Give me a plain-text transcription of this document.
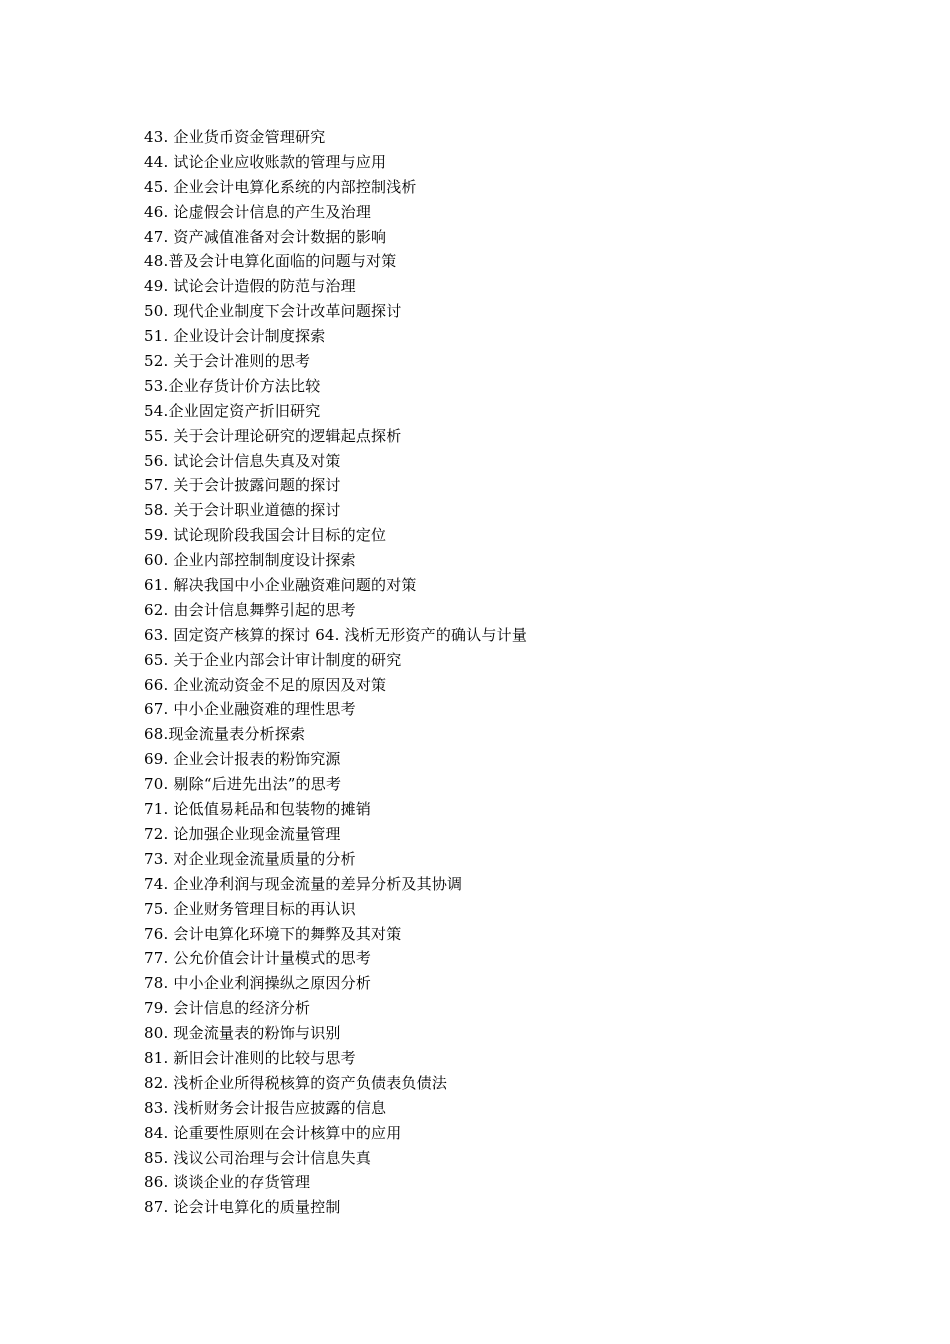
43. 企业货币资金管理研究
44. 试论企业应收账款的管理与应用
45. 企业会计电算化系统的内部控制浅析
46. 论虚假会计信息的产生及治理
47. 资产减值准备对会计数据的影响
48.普及会计电算化面临的问题与对策
49. 试论会计造假的防范与治理
50. 现代企业制度下会计改革问题探讨
51. 企业设计会计制度探索
52. 关于会计准则的思考
53.企业存货计价方法比较
54.企业固定资产折旧研究
55. 关于会计理论研究的逻辑起点探析
56. 试论会计信息失真及对策
57. 关于会计披露问题的探讨
58. 关于会计职业道德的探讨
59. 试论现阶段我国会计目标的定位
60. 企业内部控制制度设计探索
61. 解决我国中小企业融资难问题的对策
62. 由会计信息舞弊引起的思考
63. 固定资产核算的探讨 64. 浅析无形资产的确认与计量
65. 关于企业内部会计审计制度的研究
66. 企业流动资金不足的原因及对策
67. 中小企业融资难的理性思考
68.现金流量表分析探索
69. 企业会计报表的粉饰究源
70. 剔除“后进先出法”的思考
71. 论低值易耗品和包装物的摊销
72. 论加强企业现金流量管理
73. 对企业现金流量质量的分析
74. 企业净利润与现金流量的差异分析及其协调
75. 企业财务管理目标的再认识
76. 会计电算化环境下的舞弊及其对策
77. 公允价值会计计量模式的思考
78. 中小企业利润操纵之原因分析
79. 会计信息的经济分析
80. 现金流量表的粉饰与识别
81. 新旧会计准则的比较与思考
82. 浅析企业所得税核算的资产负债表负债法
83. 浅析财务会计报告应披露的信息
84. 论重要性原则在会计核算中的应用
85. 浅议公司治理与会计信息失真
86. 谈谈企业的存货管理
87. 论会计电算化的质量控制
